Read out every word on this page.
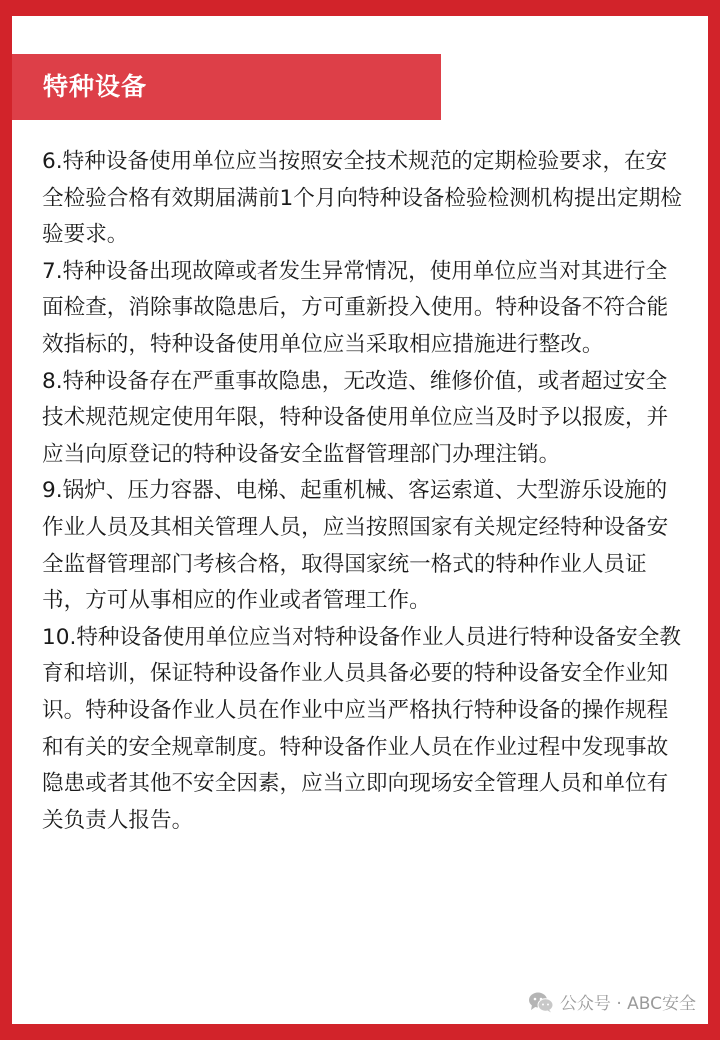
特种设备

6.特种设备使用单位应当按照安全技术规范的定期检验要求，在安全检验合格有效期届满前1个月向特种设备检验检测机构提出定期检验要求。

7.特种设备出现故障或者发生异常情况，使用单位应当对其进行全面检查，消除事故隐患后，方可重新投入使用。特种设备不符合能效指标的，特种设备使用单位应当采取相应措施进行整改。

8.特种设备存在严重事故隐患，无改造、维修价值，或者超过安全技术规范规定使用年限，特种设备使用单位应当及时予以报废，并应当向原登记的特种设备安全监督管理部门办理注销。

9.锅炉、压力容器、电梯、起重机械、客运索道、大型游乐设施的作业人员及其相关管理人员，应当按照国家有关规定经特种设备安全监督管理部门考核合格，取得国家统一格式的特种作业人员证书，方可从事相应的作业或者管理工作。

10.特种设备使用单位应当对特种设备作业人员进行特种设备安全教育和培训，保证特种设备作业人员具备必要的特种设备安全作业知识。特种设备作业人员在作业中应当严格执行特种设备的操作规程和有关的安全规章制度。特种设备作业人员在作业过程中发现事故隐患或者其他不安全因素，应当立即向现场安全管理人员和单位有关负责人报告。

公众号 · ABC安全
